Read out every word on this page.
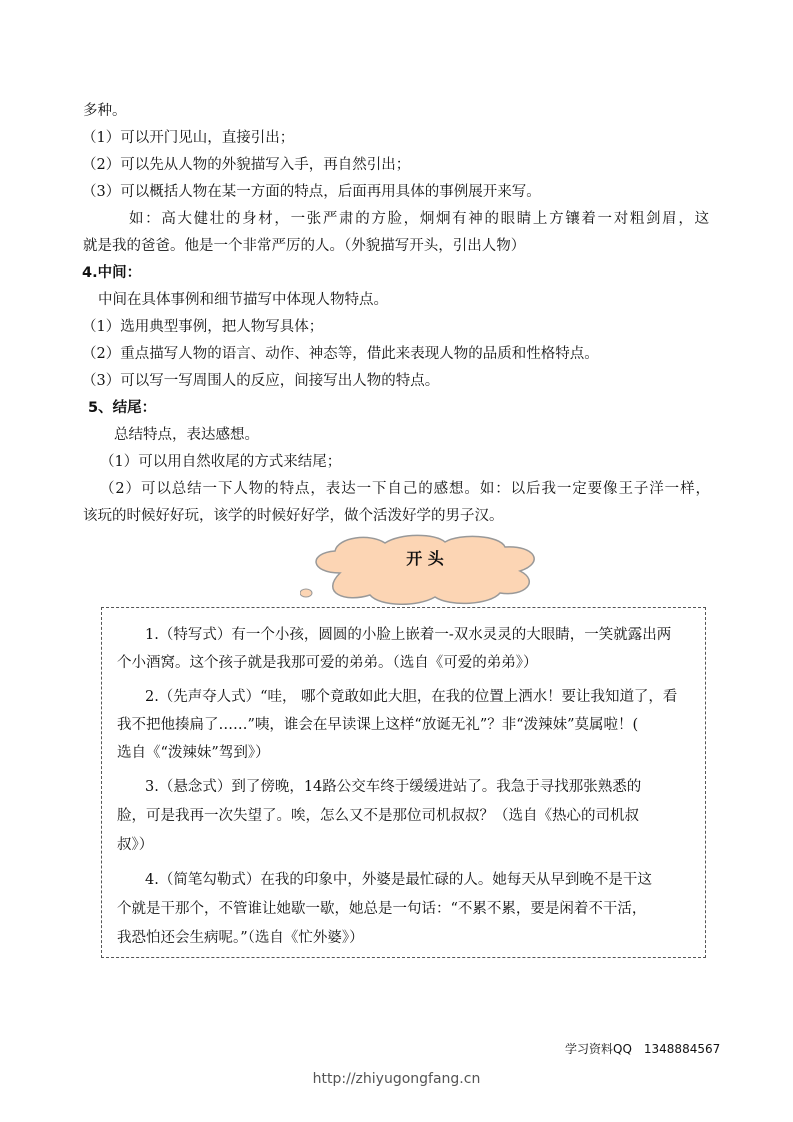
多种。
（1）可以开门见山，直接引出；
（2）可以先从人物的外貌描写入手，再自然引出；
（3）可以概括人物在某一方面的特点，后面再用具体的事例展开来写。
如：高大健壮的身材，一张严肃的方脸，炯炯有神的眼睛上方镶着一对粗剑眉，这
就是我的爸爸。他是一个非常严厉的人。（外貌描写开头，引出人物）
4.中间：
中间在具体事例和细节描写中体现人物特点。
（1）选用典型事例，把人物写具体；
（2）重点描写人物的语言、动作、神态等，借此来表现人物的品质和性格特点。
（3）可以写一写周围人的反应，间接写出人物的特点。
5、结尾：
总结特点，表达感想。
（1）可以用自然收尾的方式来结尾；
（2）可以总结一下人物的特点，表达一下自己的感想。如：以后我一定要像王子洋一样，
该玩的时候好好玩，该学的时候好好学，做个活泼好学的男子汉。
开 头
1.（特写式）有一个小孩，圆圆的小脸上嵌着一-双水灵灵的大眼睛，一笑就露出两
个小酒窝。这个孩子就是我那可爱的弟弟。（选自《可爱的弟弟》）
2.（先声夺人式）“哇， 哪个竟敢如此大胆，在我的位置上洒水！要让我知道了，看
我不把他揍扁了……”咦，谁会在早读课上这样“放诞无礼”？非“泼辣妹”莫属啦！(
选自《“泼辣妹”驾到》）
3.（悬念式）到了傍晚，14路公交车终于缓缓进站了。我急于寻找那张熟悉的
脸，可是我再一次失望了。唉，怎么又不是那位司机叔叔？（选自《热心的司机叔
叔》）
4.（简笔勾勒式）在我的印象中，外婆是最忙碌的人。她每天从早到晚不是干这
个就是干那个，不管谁让她歇一歇，她总是一句话：“不累不累，要是闲着不干活，
我恐怕还会生病呢。”（选自《忙外婆》）
学习资料QQ　1348884567
http://zhiyugongfang.cn
